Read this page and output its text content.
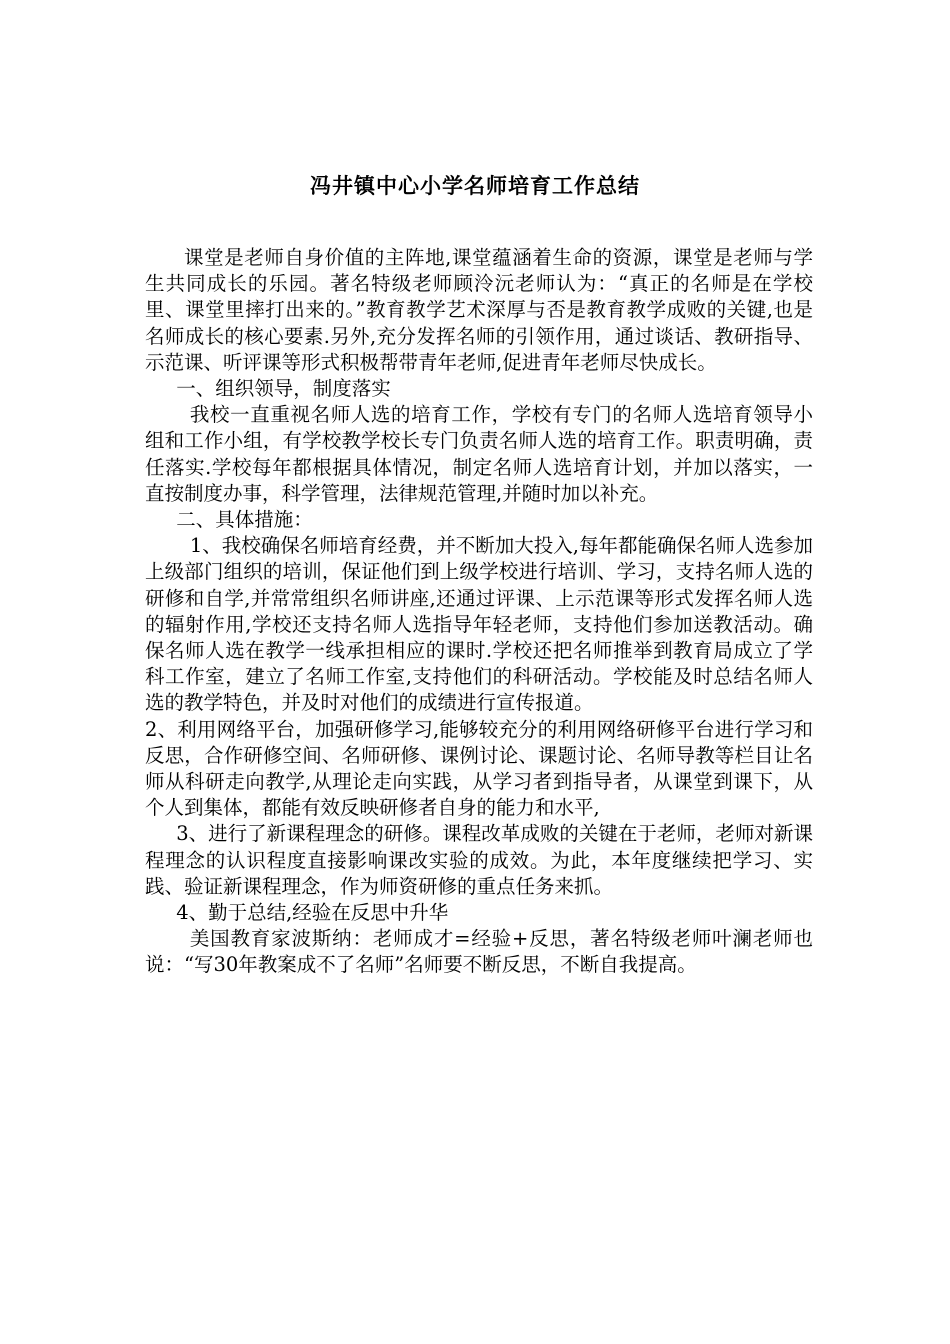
冯井镇中心小学名师培育工作总结

课堂是老师自身价值的主阵地,课堂蕴涵着生命的资源，课堂是老师与学生共同成长的乐园。著名特级老师顾泠沅老师认为：“真正的名师是在学校里、课堂里摔打出来的。”教育教学艺术深厚与否是教育教学成败的关键,也是名师成长的核心要素.另外,充分发挥名师的引领作用，通过谈话、教研指导、示范课、听评课等形式积极帮带青年老师,促进青年老师尽快成长。

一、组织领导，制度落实

我校一直重视名师人选的培育工作，学校有专门的名师人选培育领导小组和工作小组，有学校教学校长专门负责名师人选的培育工作。职责明确，责任落实.学校每年都根据具体情况，制定名师人选培育计划，并加以落实，一直按制度办事，科学管理，法律规范管理,并随时加以补充。

二、具体措施：

1、我校确保名师培育经费，并不断加大投入,每年都能确保名师人选参加上级部门组织的培训，保证他们到上级学校进行培训、学习，支持名师人选的研修和自学,并常常组织名师讲座,还通过评课、上示范课等形式发挥名师人选的辐射作用,学校还支持名师人选指导年轻老师，支持他们参加送教活动。确保名师人选在教学一线承担相应的课时.学校还把名师推举到教育局成立了学科工作室，建立了名师工作室,支持他们的科研活动。学校能及时总结名师人选的教学特色，并及时对他们的成绩进行宣传报道。

2、利用网络平台，加强研修学习,能够较充分的利用网络研修平台进行学习和反思，合作研修空间、名师研修、课例讨论、课题讨论、名师导教等栏目让名师从科研走向教学,从理论走向实践，从学习者到指导者，从课堂到课下，从个人到集体，都能有效反映研修者自身的能力和水平,

3、进行了新课程理念的研修。课程改革成败的关键在于老师，老师对新课程理念的认识程度直接影响课改实验的成效。为此，本年度继续把学习、实践、验证新课程理念，作为师资研修的重点任务来抓。

4、勤于总结,经验在反思中升华

美国教育家波斯纳：老师成才=经验+反思，著名特级老师叶澜老师也说：“写30年教案成不了名师”名师要不断反思，不断自我提高。
